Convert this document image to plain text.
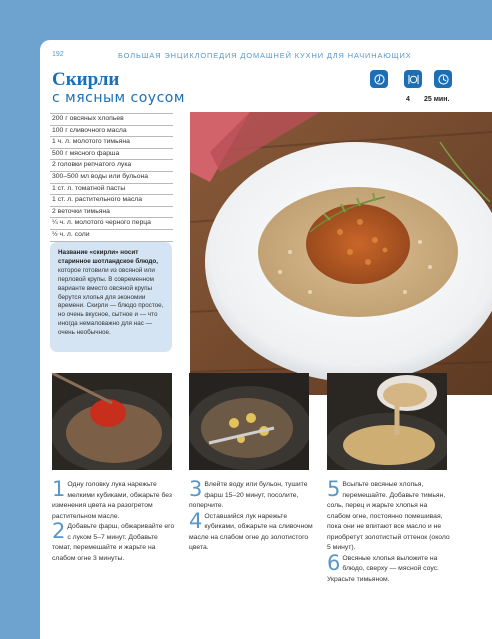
192	БОЛЬШАЯ ЭНЦИКЛОПЕДИЯ ДОМАШНЕЙ КУХНИ ДЛЯ НАЧИНАЮЩИХ
Скирли
с мясным соусом	4 25 мин.
200 г овсяных хлопьев
100 г сливочного масла
1 ч. л. молотого тимьяна
500 г мясного фарша
2 головки репчатого лука
300–500 мл воды или бульона
1 ст. л. томатной пасты
1 ст. л. растительного масла
2 веточки тимьяна
¼ ч. л. молотого черного перца
½ ч. л. соли
Название «скирли» носит старинное шотландское блюдо, которое готовили из овсяной или перловой крупы. В современном варианте вместо овсяной крупы берутся хлопья для экономии времени. Скирли — блюдо простое, но очень вкусное, сытное и — что иногда немаловажно для нас — очень необычное.
1 Одну головку лука нарежьте мелкими кубиками, обжарьте без изменения цвета на разогретом растительном масле.
2 Добавьте фарш, обжаривайте его с луком 5–7 минут. Добавьте томат, перемешайте и жарьте на слабом огне 3 минуты.
3 Влейте воду или бульон, тушите фарш 15–20 минут, посолите, поперчите.
4 Оставшийся лук нарежьте кубиками, обжарьте на сливочном масле на слабом огне до золотистого цвета.
5 Всыпьте овсяные хлопья, перемешайте. Добавьте тимьян, соль, перец и жарьте хлопья на слабом огне, постоянно помешивая, пока они не впитают все масло и не приобретут золотистый оттенок (около 5 минут).
6 Овсяные хлопья выложите на блюдо, сверху — мясной соус. Украсьте тимьяном.
